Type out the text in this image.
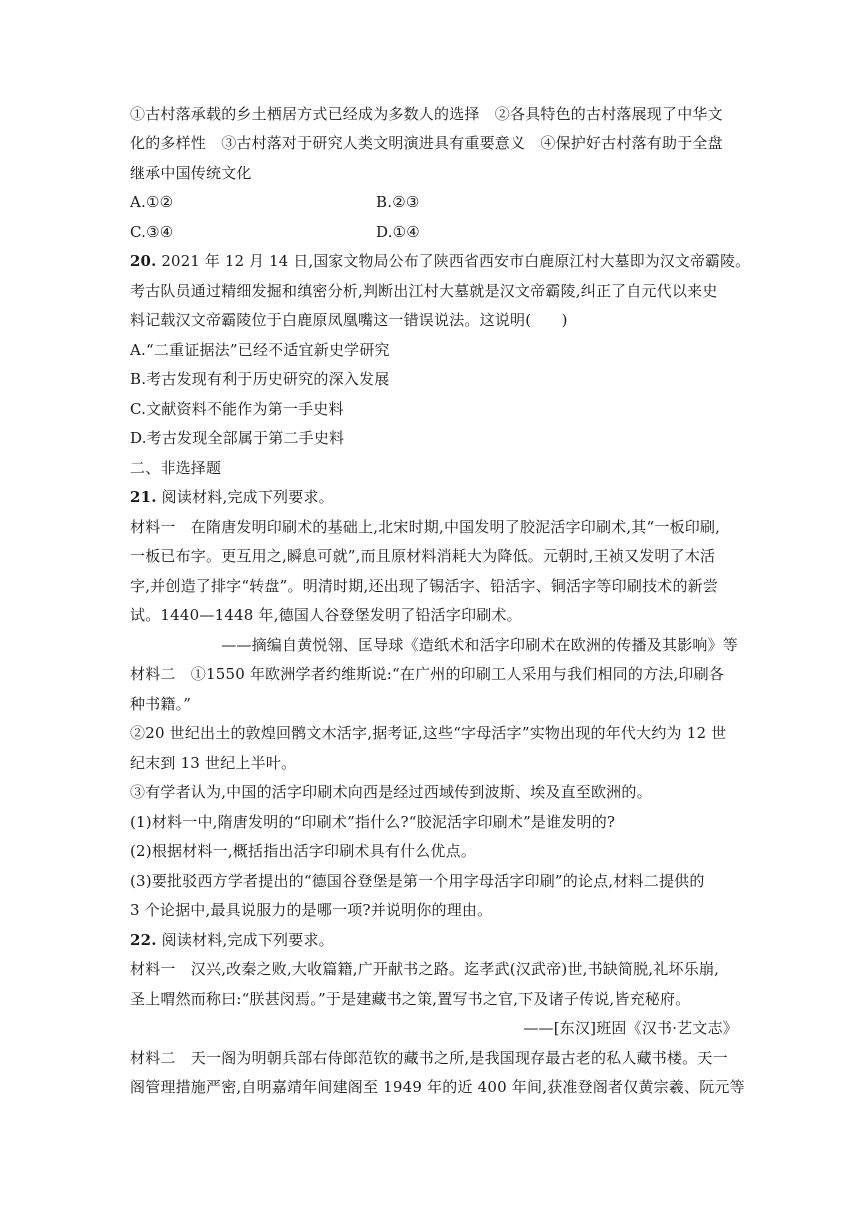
①古村落承载的乡土栖居方式已经成为多数人的选择　②各具特色的古村落展现了中华文
化的多样性　③古村落对于研究人类文明演进具有重要意义　④保护好古村落有助于全盘
继承中国传统文化
A.①②	B.②③
C.③④	D.①④
20. 2021 年 12 月 14 日,国家文物局公布了陕西省西安市白鹿原江村大墓即为汉文帝霸陵。
考古队员通过精细发掘和缜密分析,判断出江村大墓就是汉文帝霸陵,纠正了自元代以来史
料记载汉文帝霸陵位于白鹿原凤凰嘴这一错误说法。这说明(　　)
A.“二重证据法”已经不适宜新史学研究
B.考古发现有利于历史研究的深入发展
C.文献资料不能作为第一手史料
D.考古发现全部属于第二手史料
二、非选择题
21. 阅读材料,完成下列要求。
材料一　在隋唐发明印刷术的基础上,北宋时期,中国发明了胶泥活字印刷术,其“一板印刷,
一板已布字。更互用之,瞬息可就”,而且原材料消耗大为降低。元朝时,王祯又发明了木活
字,并创造了排字“转盘”。明清时期,还出现了锡活字、铅活字、铜活字等印刷技术的新尝
试。1440—1448 年,德国人谷登堡发明了铅活字印刷术。
——摘编自黄悦翎、匡导球《造纸术和活字印刷术在欧洲的传播及其影响》等
材料二　①1550 年欧洲学者约维斯说:“在广州的印刷工人采用与我们相同的方法,印刷各
种书籍。”
②20 世纪出土的敦煌回鹘文木活字,据考证,这些“字母活字”实物出现的年代大约为 12 世
纪末到 13 世纪上半叶。
③有学者认为,中国的活字印刷术向西是经过西域传到波斯、埃及直至欧洲的。
(1)材料一中,隋唐发明的“印刷术”指什么?“胶泥活字印刷术”是谁发明的?
(2)根据材料一,概括指出活字印刷术具有什么优点。
(3)要批驳西方学者提出的“德国谷登堡是第一个用字母活字印刷”的论点,材料二提供的
3 个论据中,最具说服力的是哪一项?并说明你的理由。
22. 阅读材料,完成下列要求。
材料一　汉兴,改秦之败,大收篇籍,广开献书之路。迄孝武(汉武帝)世,书缺简脱,礼坏乐崩,
圣上喟然而称曰:“朕甚闵焉。”于是建藏书之策,置写书之官,下及诸子传说,皆充秘府。
——[东汉]班固《汉书·艺文志》
材料二　天一阁为明朝兵部右侍郎范钦的藏书之所,是我国现存最古老的私人藏书楼。天一
阁管理措施严密,自明嘉靖年间建阁至 1949 年的近 400 年间,获准登阁者仅黄宗羲、阮元等
